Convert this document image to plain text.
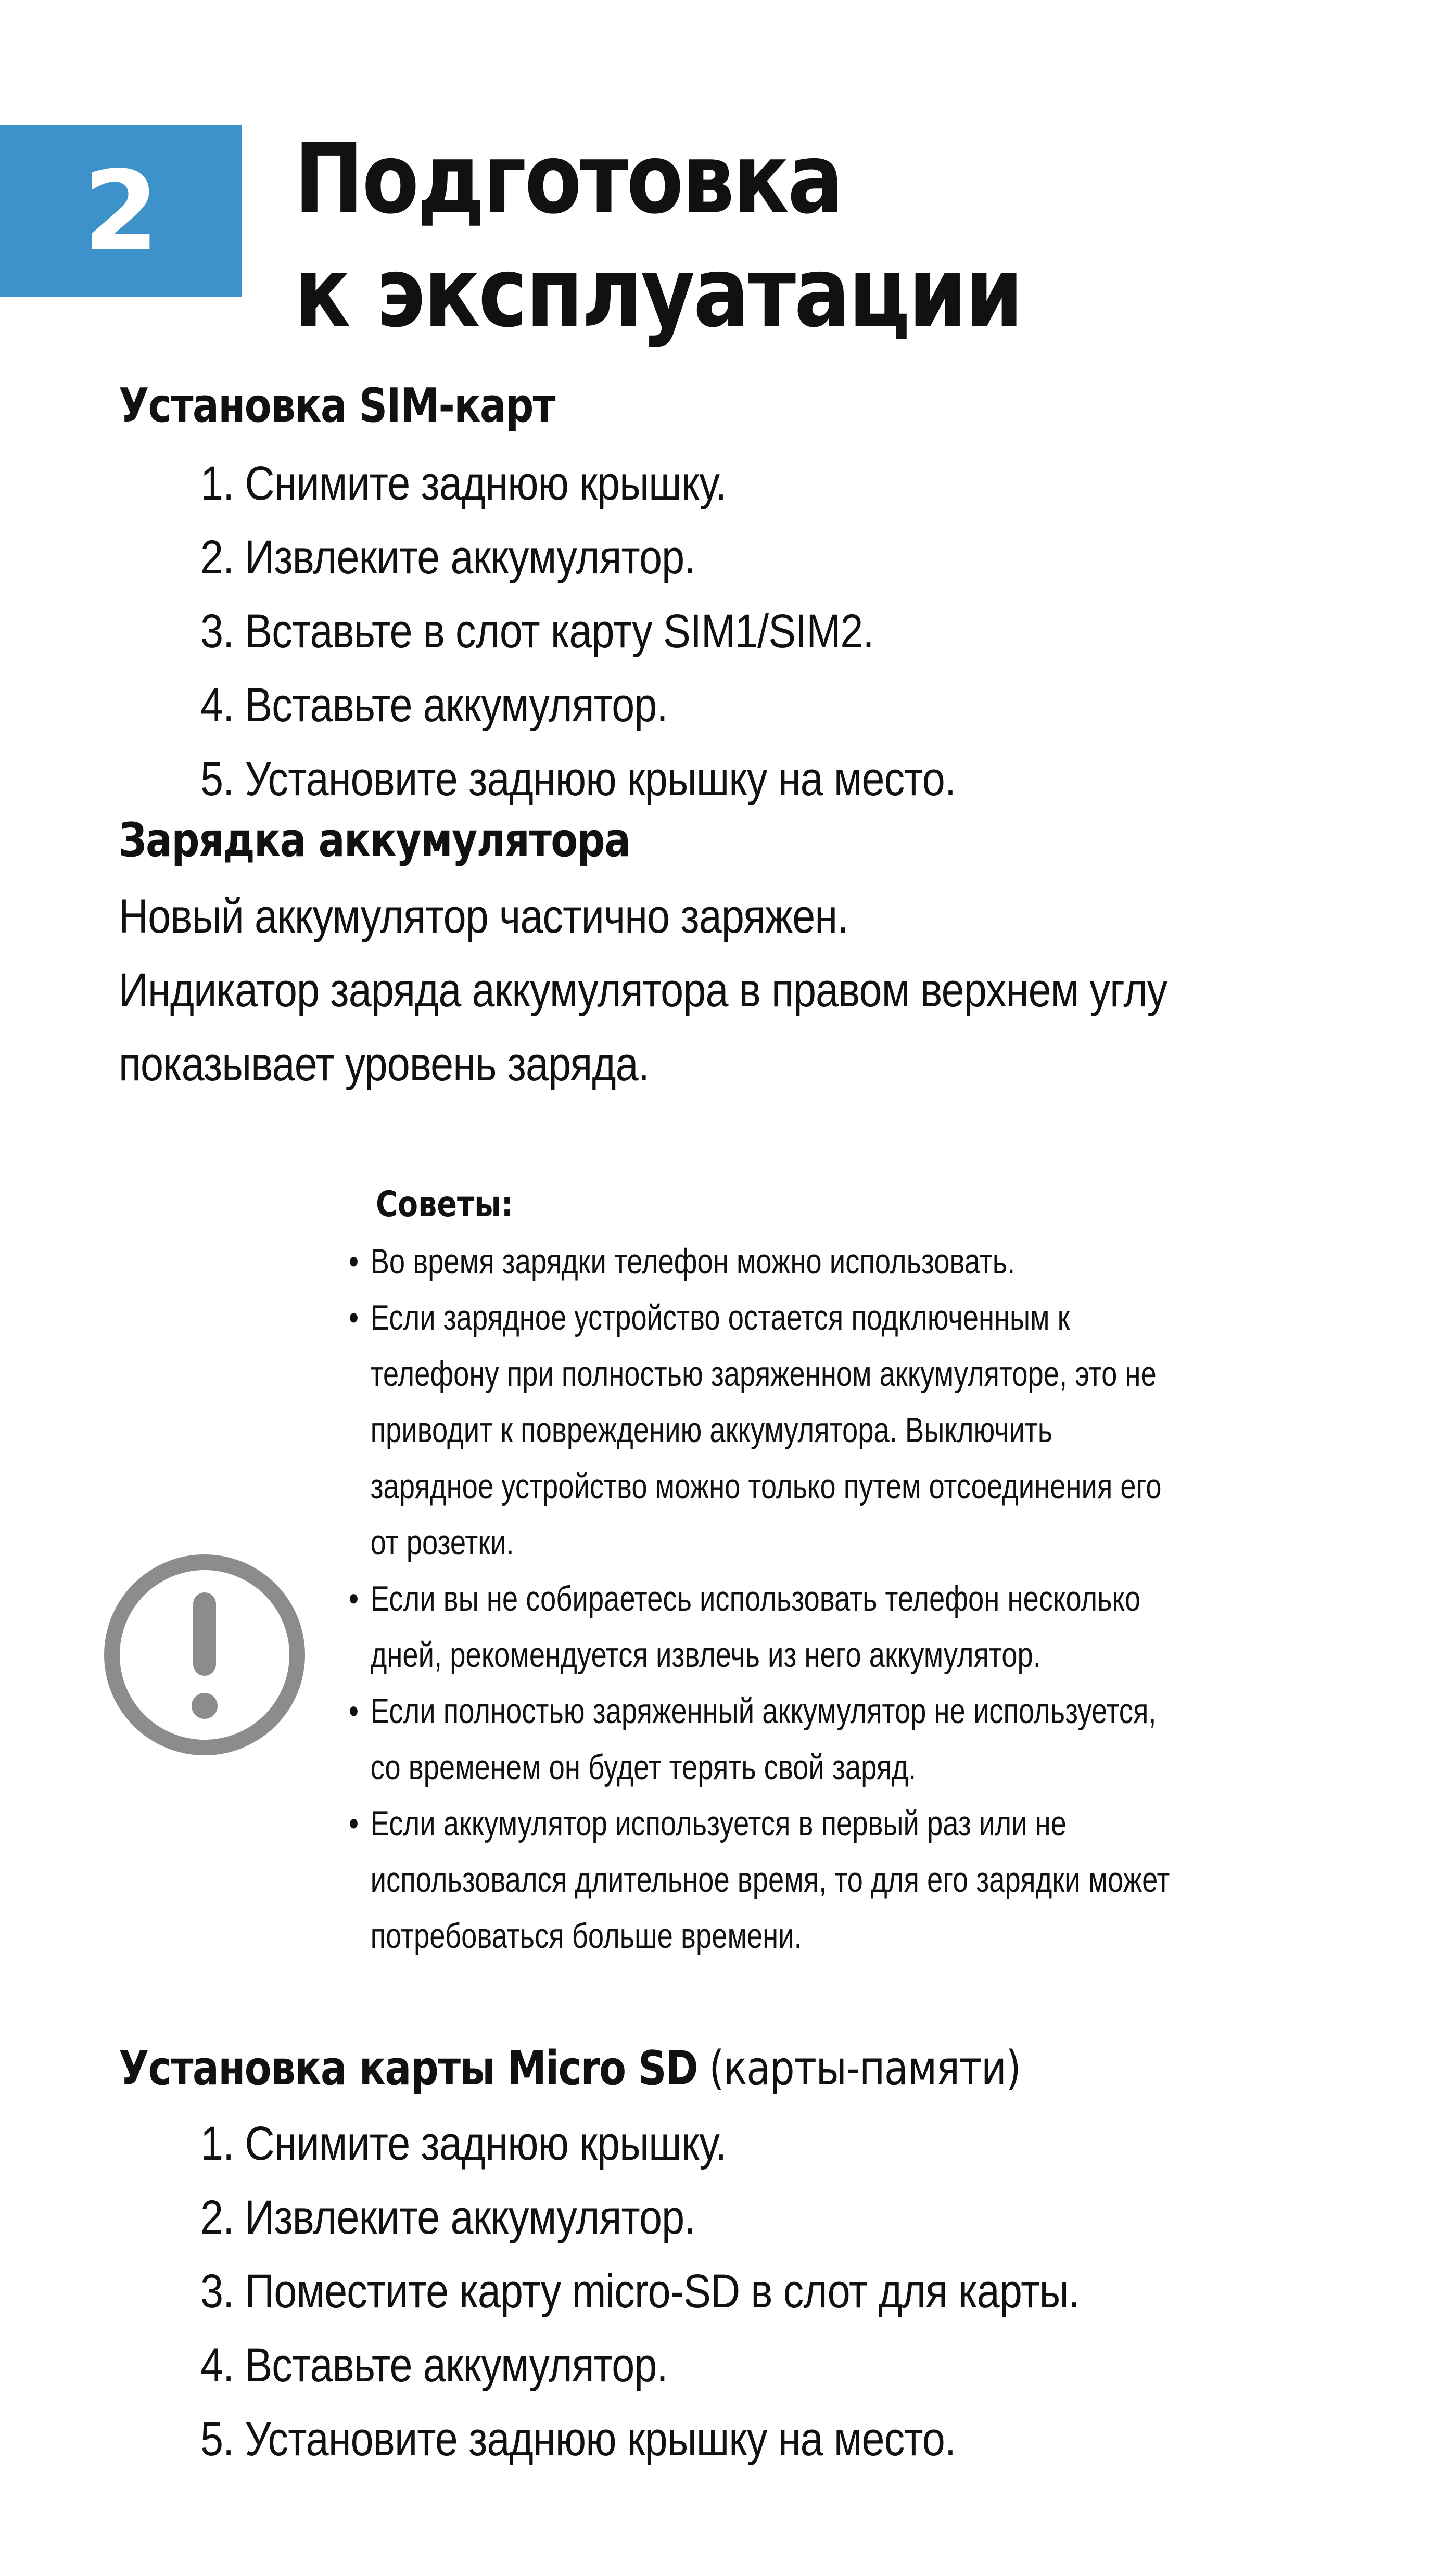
2	Подготовка
к эксплуатации
Установка SIM-карт
1. Снимите заднюю крышку.
2. Извлеките аккумулятор.
3. Вставьте в слот карту SIM1/SIM2.
4. Вставьте аккумулятор.
5. Установите заднюю крышку на место.
Зарядка аккумулятора

Новый аккумулятор частично заряжен.
Индикатор заряда аккумулятора в правом верхнем углу
показывает уровень заряда.

Советы:
• Во время зарядки телефон можно использовать.
• Если зарядное устройство остается подключенным к
телефону при полностью заряженном аккумуляторе, это не
приводит к повреждению аккумулятора. Выключить
зарядное устройство можно только путем отсоединения его
от розетки.
• Если вы не собираетесь использовать телефон несколько
дней, рекомендуется извлечь из него аккумулятор.
• Если полностью заряженный аккумулятор не используется,
со временем он будет терять свой заряд.
• Если аккумулятор используется в первый раз или не
использовался длительное время, то для его зарядки может
потребоваться больше времени.
Установка карты Micro SD (карты-памяти)
1. Снимите заднюю крышку.
2. Извлеките аккумулятор.
3. Поместите карту micro-SD в слот для карты.
4. Вставьте аккумулятор.
5. Установите заднюю крышку на место.
